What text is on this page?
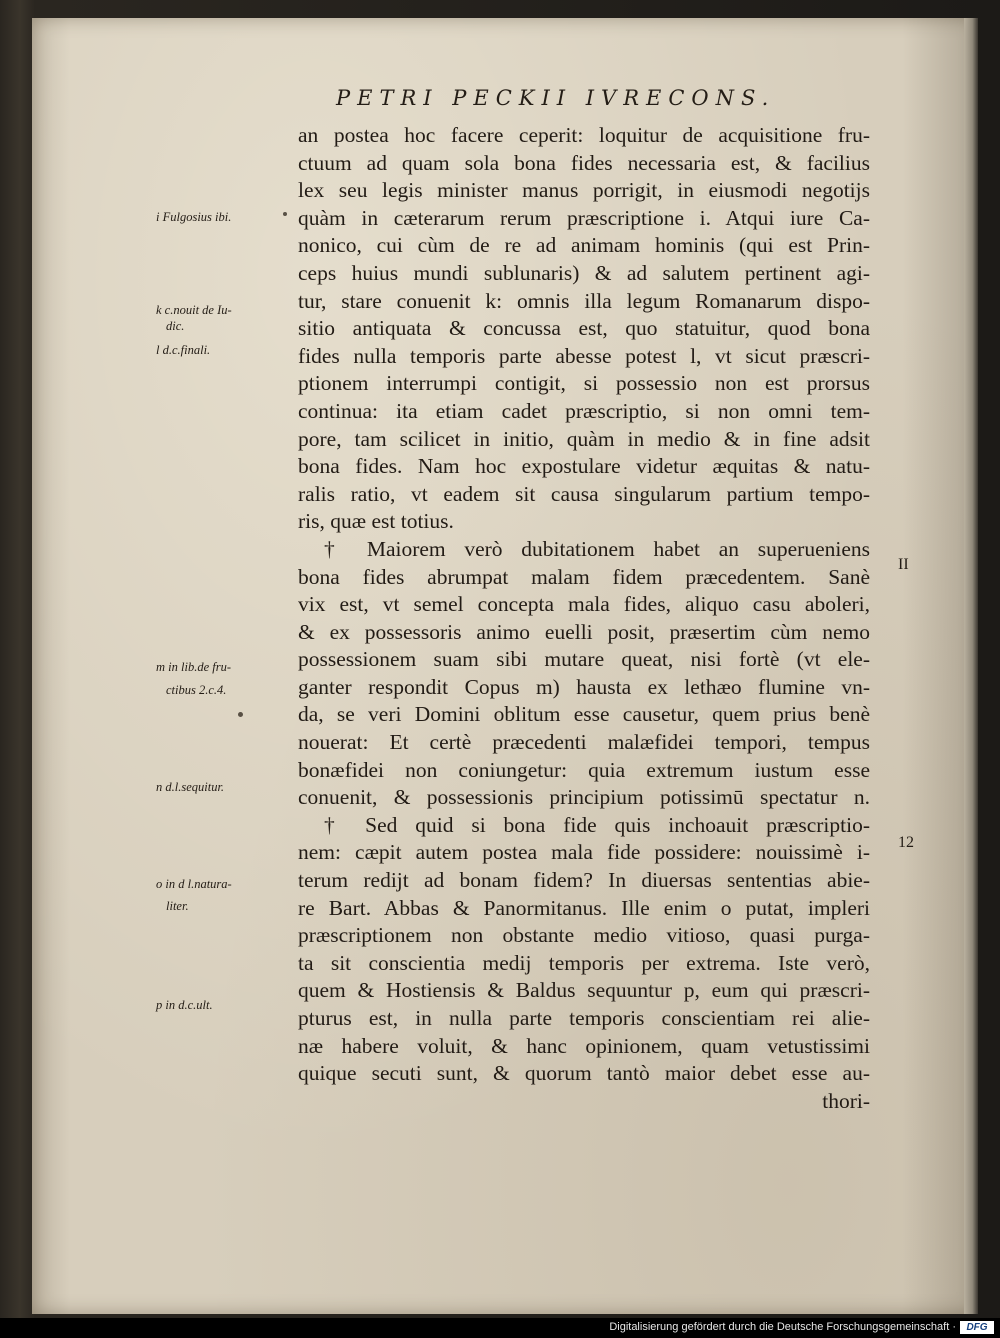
PETRI PECKII IVRECONS.
i Fulgosius ibi.
k c.nouit de Iu-
dic.
l d.c.finali.
m in lib.de fru-
ctibus 2.c.4.
n d.l.sequitur.
o in d l.natura-
liter.
p in d.c.ult.
II
12
an postea hoc facere ceperit: loquitur de acquisitione fru-
ctuum ad quam sola bona fides necessaria est, & facilius
lex seu legis minister manus porrigit, in eiusmodi negotijs
quàm in cæterarum rerum præscriptione i. Atqui iure Ca-
nonico, cui cùm de re ad animam hominis (qui est Prin-
ceps huius mundi sublunaris) & ad salutem pertinent agi-
tur, stare conuenit k: omnis illa legum Romanarum dispo-
sitio antiquata & concussa est, quo statuitur, quod bona
fides nulla temporis parte abesse potest l, vt sicut præscri-
ptionem interrumpi contigit, si possessio non est prorsus
continua: ita etiam cadet præscriptio, si non omni tem-
pore, tam scilicet in initio, quàm in medio & in fine adsit
bona fides. Nam hoc expostulare videtur æquitas & natu-
ralis ratio, vt eadem sit causa singularum partium tempo-
ris, quæ est totius.
† Maiorem verò dubitationem habet an superueniens
bona fides abrumpat malam fidem præcedentem. Sanè
vix est, vt semel concepta mala fides, aliquo casu aboleri,
& ex possessoris animo euelli posit, præsertim cùm nemo
possessionem suam sibi mutare queat, nisi fortè (vt ele-
ganter respondit Copus m) hausta ex lethæo flumine vn-
da, se veri Domini oblitum esse causetur, quem prius benè
nouerat: Et certè præcedenti malæfidei tempori, tempus
bonæfidei non coniungetur: quia extremum iustum esse
conuenit, & possessionis principium potissimū spectatur n.
† Sed quid si bona fide quis inchoauit præscriptio-
nem: cæpit autem postea mala fide possidere: nouissimè i-
terum redijt ad bonam fidem? In diuersas sententias abie-
re Bart. Abbas & Panormitanus. Ille enim o putat, impleri
præscriptionem non obstante medio vitioso, quasi purga-
ta sit conscientia medij temporis per extrema. Iste verò,
quem & Hostiensis & Baldus sequuntur p, eum qui præscri-
pturus est, in nulla parte temporis conscientiam rei alie-
næ habere voluit, & hanc opinionem, quam vetustissimi
quique secuti sunt, & quorum tantò maior debet esse au-
thori-
Digitalisierung gefördert durch die Deutsche Forschungsgemeinschaft ·	DFG
